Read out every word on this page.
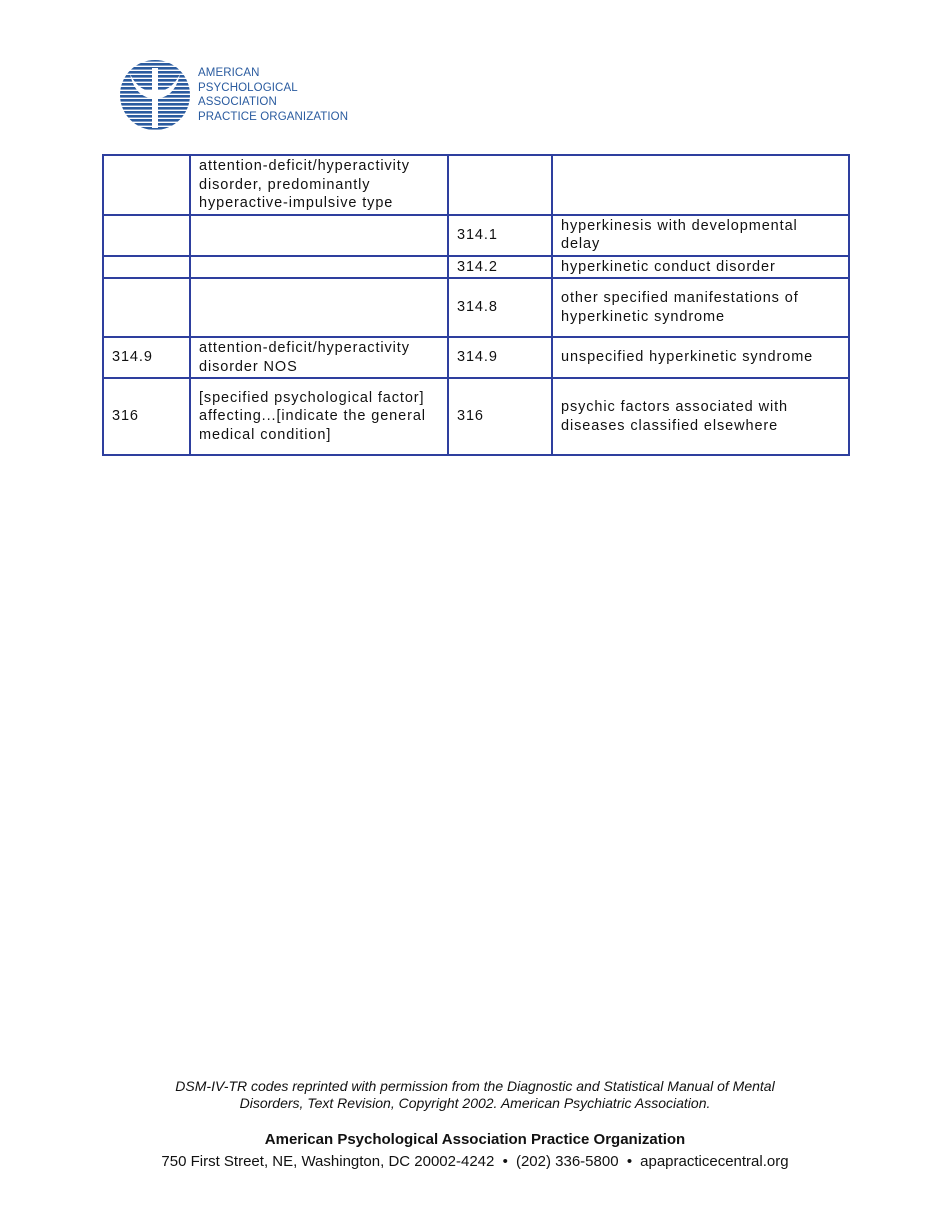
AMERICAN
PSYCHOLOGICAL
ASSOCIATION
PRACTICE ORGANIZATION
	attention-deficit/hyperactivity disorder, predominantly hyperactive-impulsive type		
		314.1	hyperkinesis with developmental delay
		314.2	hyperkinetic conduct disorder
		314.8	other specified manifestations of hyperkinetic syndrome
314.9	attention-deficit/hyperactivity disorder NOS	314.9	unspecified hyperkinetic syndrome
316	[specified psychological factor] affecting...[indicate the general medical condition]	316	psychic factors associated with diseases classified elsewhere
DSM-IV-TR codes reprinted with permission from the Diagnostic and Statistical Manual of Mental
Disorders, Text Revision, Copyright 2002. American Psychiatric Association.
American Psychological Association Practice Organization
750 First Street, NE, Washington, DC 20002-4242 • (202) 336-5800 • apapracticecentral.org
